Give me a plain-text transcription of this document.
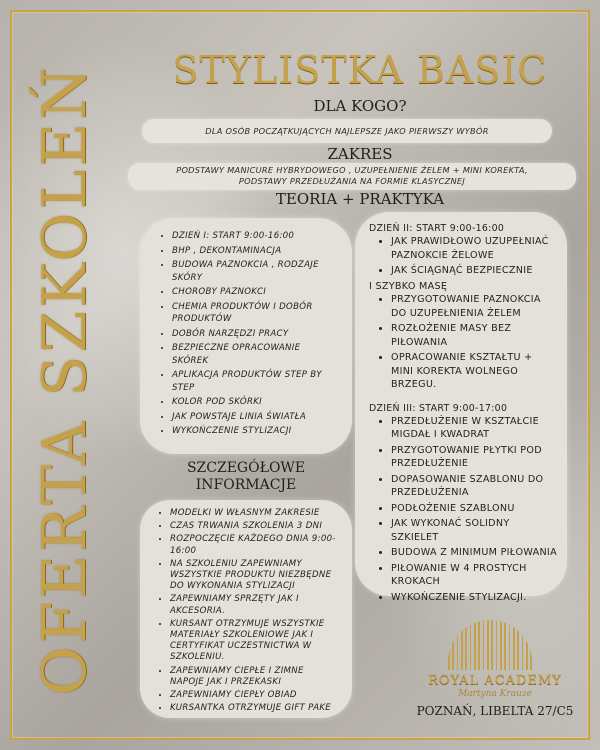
OFERTA SZKOLEŃ	STYLISTKA BASIC
DLA KOGO?
DLA OSÓB POCZĄTKUJĄCYCH NAJLEPSZE JAKO PIERWSZY WYBÓR
ZAKRES
PODSTAWY MANICURE HYBRYDOWEGO , UZUPEŁNIENIE ŻELEM + MINI KOREKTA,
PODSTAWY PRZEDŁUŻANIA NA FORMIE KLASYCZNEJ
TEORIA + PRAKTYKA
• DZIEŃ I: START 9:00-16:00
• BHP , DEKONTAMINACJA
• BUDOWA PAZNOKCIA , RODZAJE SKÓRY
• CHOROBY PAZNOKCI
• CHEMIA PRODUKTÓW I DOBÓR PRODUKTÓW
• DOBÓR NARZĘDZI PRACY
• BEZPIECZNE OPRACOWANIE SKÓREK
• APLIKACJA PRODUKTÓW STEP BY STEP
• KOLOR POD SKÓRKI
• JAK POWSTAJE LINIA ŚWIATŁA
• WYKOŃCZENIE STYLIZACJI
DZIEŃ II: START 9:00-16:00
• JAK PRAWIDŁOWO UZUPEŁNIAĆ PAZNOKCIE ŻELOWE
• JAK ŚCIĄGNĄĆ BEZPIECZNIE
I SZYBKO MASĘ
• PRZYGOTOWANIE PAZNOKCIA DO UZUPEŁNIENIA ŻELEM
• ROZŁOŻENIE MASY BEZ PIŁOWANIA
• OPRACOWANIE KSZTAŁTU + MINI KOREKTA WOLNEGO BRZEGU.
DZIEŃ III: START 9:00-17:00
• PRZEDŁUŻENIE W KSZTAŁCIE MIGDAŁ I KWADRAT
• PRZYGOTOWANIE PŁYTKI POD PRZEDŁUŻENIE
• DOPASOWANIE SZABLONU DO PRZEDŁUŻENIA
• PODŁOŻENIE SZABLONU
• JAK WYKONAĆ SOLIDNY SZKIELET
• BUDOWA Z MINIMUM PIŁOWANIA
• PIŁOWANIE W 4 PROSTYCH KROKACH
• WYKOŃCZENIE STYLIZACJI.
SZCZEGÓŁOWE
INFORMACJE
• MODELKI W WŁASNYM ZAKRESIE
• CZAS TRWANIA SZKOLENIA 3 DNI
• ROZPOCZĘCIE KAŻDEGO DNIA 9:00-16:00
• NA SZKOLENIU ZAPEWNIAMY WSZYSTKIE PRODUKTU NIEZBĘDNE DO WYKONANIA STYLIZACJI
• ZAPEWNIAMY SPRZĘTY JAK I AKCESORIA.
• KURSANT OTRZYMUJE WSZYSTKIE MATERIAŁY SZKOLENIOWE JAK I CERTYFIKAT UCZESTNICTWA W SZKOLENIU.
• ZAPEWNIAMY CIEPŁE I ZIMNE NAPOJE JAK I PRZEKASKI
• ZAPEWNIAMY CIEPŁY OBIAD
• KURSANTKA OTRZYMUJE GIFT PAKE
ROYAL ACADEMY
Martyna Krauze
POZNAŃ, LIBELTA 27/C5
